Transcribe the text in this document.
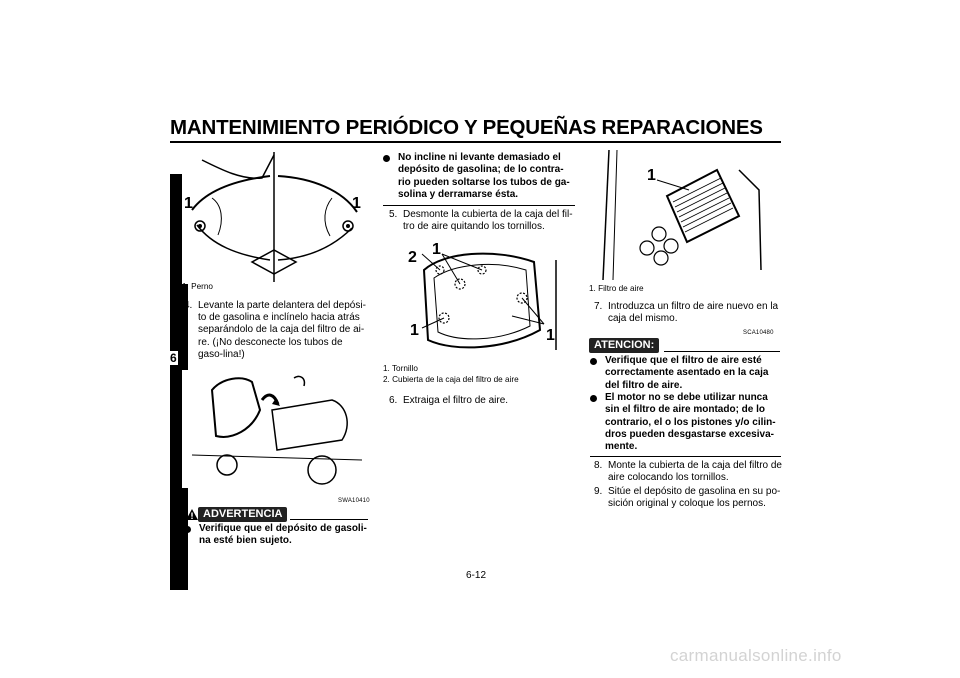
MANTENIMIENTO PERIÓDICO Y PEQUEÑAS REPARACIONES
6
1	1
1. Perno
4. Levante la parte delantera del depósi-to de gasolina e inclínelo hacia atrás separándolo de la caja del filtro de ai-re. (¡No desconecte los tubos de gaso-lina!)
SWA10410
ADVERTENCIA
Verifique que el depósito de gasoli-na esté bien sujeto.
No incline ni levante demasiado el depósito de gasolina; de lo contra-rio pueden soltarse los tubos de ga-solina y derramarse ésta.
5. Desmonte la cubierta de la caja del fil-tro de aire quitando los tornillos.
2 1
1	1
1. Tornillo
2. Cubierta de la caja del filtro de aire
6. Extraiga el filtro de aire.
1
1. Filtro de aire
7. Introduzca un filtro de aire nuevo en la caja del mismo.
SCA10480
ATENCION:
Verifique que el filtro de aire esté correctamente asentado en la caja del filtro de aire.
El motor no se debe utilizar nunca sin el filtro de aire montado; de lo contrario, el o los pistones y/o cilin-dros pueden desgastarse excesiva-mente.
8. Monte la cubierta de la caja del filtro de aire colocando los tornillos.
9. Sitúe el depósito de gasolina en su po-sición original y coloque los pernos.
6-12
carmanualsonline.info
